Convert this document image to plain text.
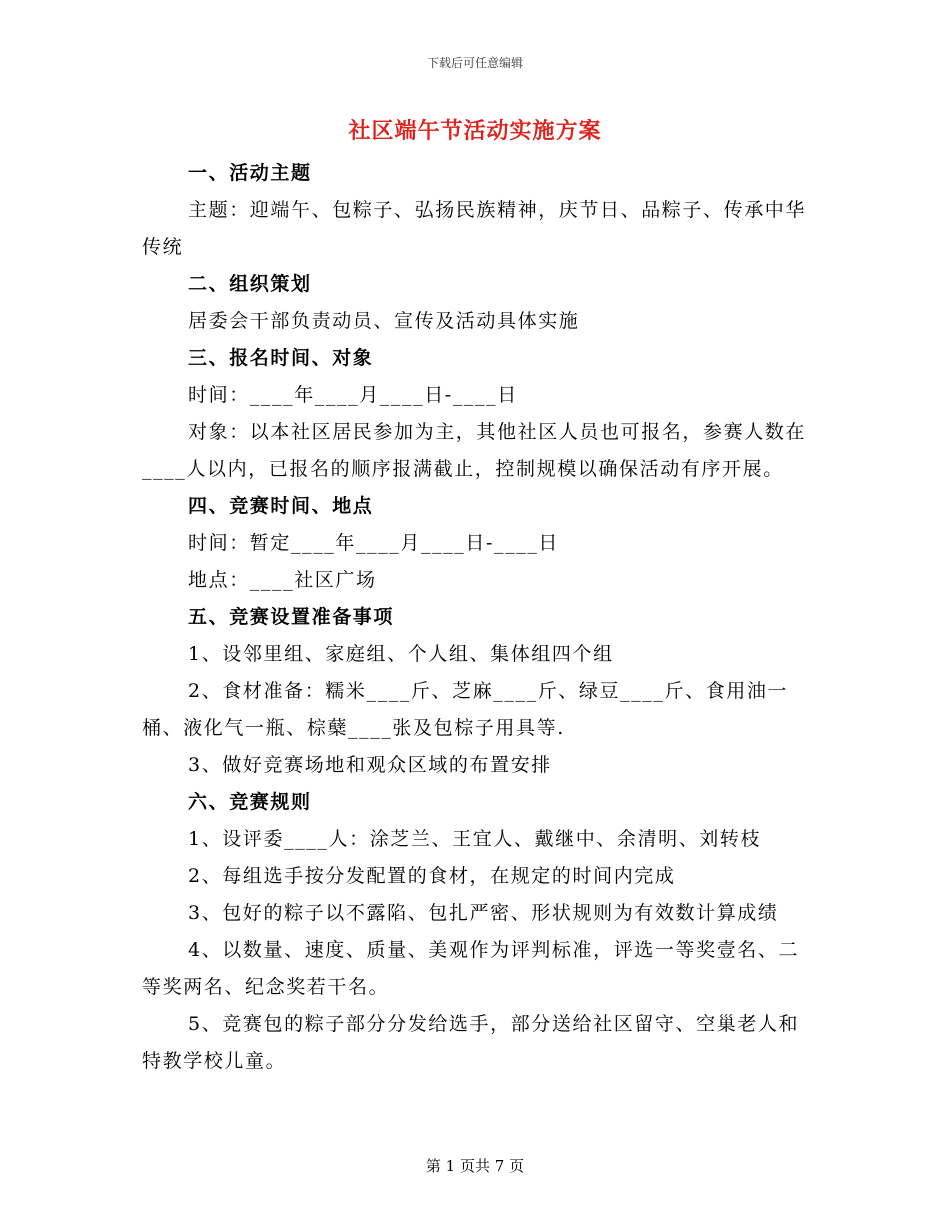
下载后可任意编辑
社区端午节活动实施方案

一、活动主题

主题：迎端午、包粽子、弘扬民族精神，庆节日、品粽子、传承中华传统

二、组织策划

居委会干部负责动员、宣传及活动具体实施

三、报名时间、对象

时间：____年____月____日-____日

对象：以本社区居民参加为主，其他社区人员也可报名，参赛人数在____人以内，已报名的顺序报满截止，控制规模以确保活动有序开展。

四、竞赛时间、地点

时间：暂定____年____月____日-____日

地点：____社区广场

五、竞赛设置准备事项

1、设邻里组、家庭组、个人组、集体组四个组

2、食材准备：糯米____斤、芝麻____斤、绿豆____斤、食用油一桶、液化气一瓶、棕蘖____张及包棕子用具等.

3、做好竞赛场地和观众区域的布置安排

六、竞赛规则

1、设评委____人：涂芝兰、王宜人、戴继中、余清明、刘转枝

2、每组选手按分发配置的食材，在规定的时间内完成

3、包好的粽子以不露陷、包扎严密、形状规则为有效数计算成绩

4、以数量、速度、质量、美观作为评判标准，评选一等奖壹名、二等奖两名、纪念奖若干名。

5、竞赛包的粽子部分分发给选手，部分送给社区留守、空巢老人和特教学校儿童。

第 1 页共 7 页
